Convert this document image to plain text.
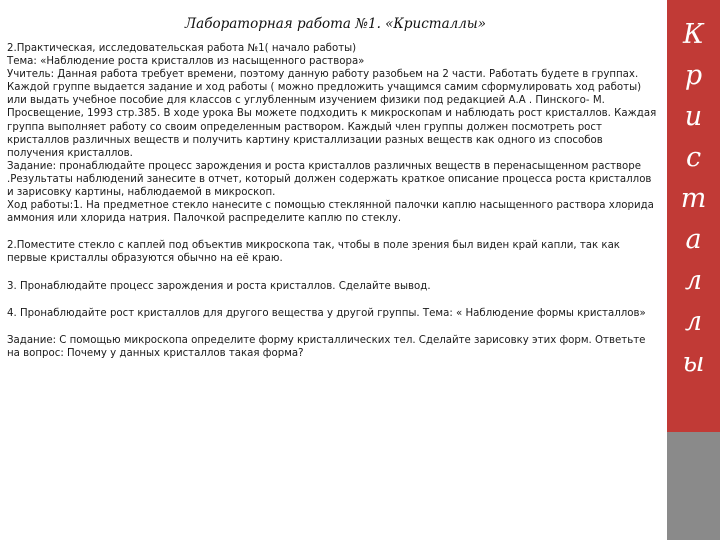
Лабораторная работа №1. «Кристаллы»

2.Практическая, исследовательская работа №1( начало работы)

Тема: «Наблюдение роста кристаллов из насыщенного раствора»

Учитель: Данная работа требует времени, поэтому данную работу разобьем на 2 части. Работать будете в группах. Каждой группе выдается задание и ход работы ( можно предложить учащимся самим сформулировать ход работы) или выдать учебное пособие для классов с углубленным изучением физики под редакцией А.А . Пинского- М. Просвещение, 1993 стр.385. В ходе урока Вы можете подходить к микроскопам и наблюдать рост кристаллов. Каждая группа выполняет работу со своим определенным раствором. Каждый член группы должен посмотреть рост кристаллов различных веществ и получить картину кристаллизации разных веществ как одного из способов получения кристаллов.

Задание: пронаблюдайте процесс зарождения и роста кристаллов различных веществ в перенасыщенном растворе .Результаты наблюдений занесите в отчет, который должен содержать краткое описание процесса роста кристаллов и зарисовку картины, наблюдаемой в микроскоп.

Ход работы:1. На предметное стекло нанесите с помощью стеклянной палочки каплю насыщенного раствора хлорида аммония или хлорида натрия. Палочкой распределите каплю по стеклу.

2.Поместите стекло с каплей под объектив микроскопа так, чтобы в поле зрения был виден край капли, так как первые кристаллы образуются обычно на её краю.

3. Пронаблюдайте процесс зарождения и роста кристаллов. Сделайте вывод.

4. Пронаблюдайте рост кристаллов для другого вещества у другой группы. Тема: « Наблюдение формы кристаллов»

Задание: С помощью микроскопа определите форму кристаллических тел. Сделайте зарисовку этих форм. Ответьте на вопрос: Почему у данных кристаллов такая форма?

К
р
и
с
т
а
л
л
ы
